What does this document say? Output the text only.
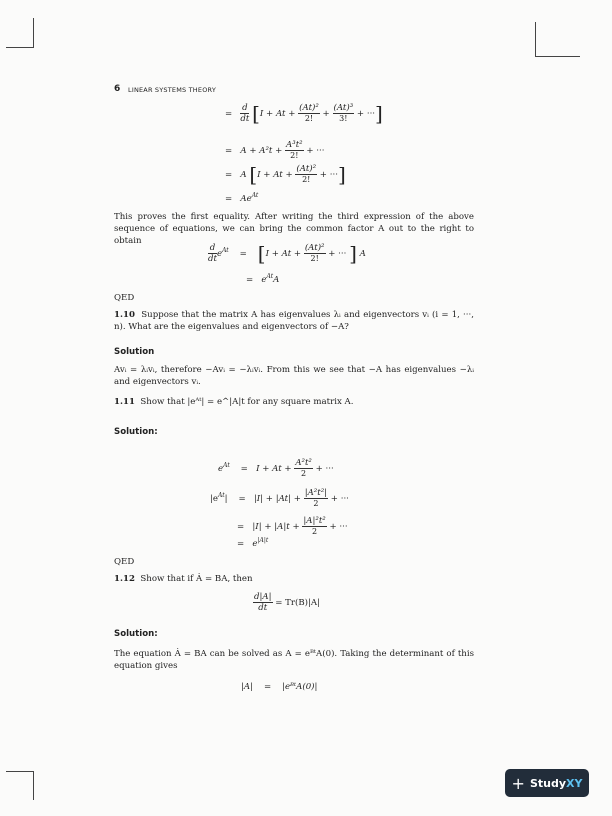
6 LINEAR SYSTEMS THEORY
= $\frac{d}{dt} [I + At + \frac{\text{(At)²}}{2!} + \frac{\text{(At)³}}{3!}$ + ···]
= $A + A^2t + \frac{\text{A³t²}}{2!}$ + ···
= A [$I + At + \frac{\text{(At)²}}{2!}$ + ···]
= $Ae^{At}$
This proves the first equality. After writing the third expression of the above sequence of equations, we can bring the common factor A out to the right to obtain
$\frac{d}{dt} e^{At} = [I + At + \frac{\text{(At)²}}{2!}$ + ··· ] A
= $e^{At}A$
QED
1.10 Suppose that the matrix A has eigenvalues λᵢ and eigenvectors vᵢ (i = 1, ···, n). What are the eigenvalues and eigenvectors of −A?
Solution
Avᵢ = λᵢvᵢ, therefore −Avᵢ = −λᵢvᵢ. From this we see that −A has eigenvalues −λᵢ and eigenvectors vᵢ.
1.11 Show that |eᴬᵗ| = e^|A|t for any square matrix A.
Solution:
$e^{At} = I + At + \frac{\text{A²t²}}{2}$ + ···
$|e^{At}| = |I| + |At| + \frac{\text{|A²t²|}}{2}$ + ···
= $|I| + |A|t + \frac{\text{|A|²t²}}{2}$ + ···
= $e^{|A|t}$
QED
1.12 Show that if Ȧ = BA, then
$\frac{d|A|}{dt} = Tr(B)|A|$
Solution:
The equation Ȧ = BA can be solved as A = eᴮᵗA(0). Taking the determinant of this equation gives
|A| = |eᴮᵗA(0)|
+ StudyXY
